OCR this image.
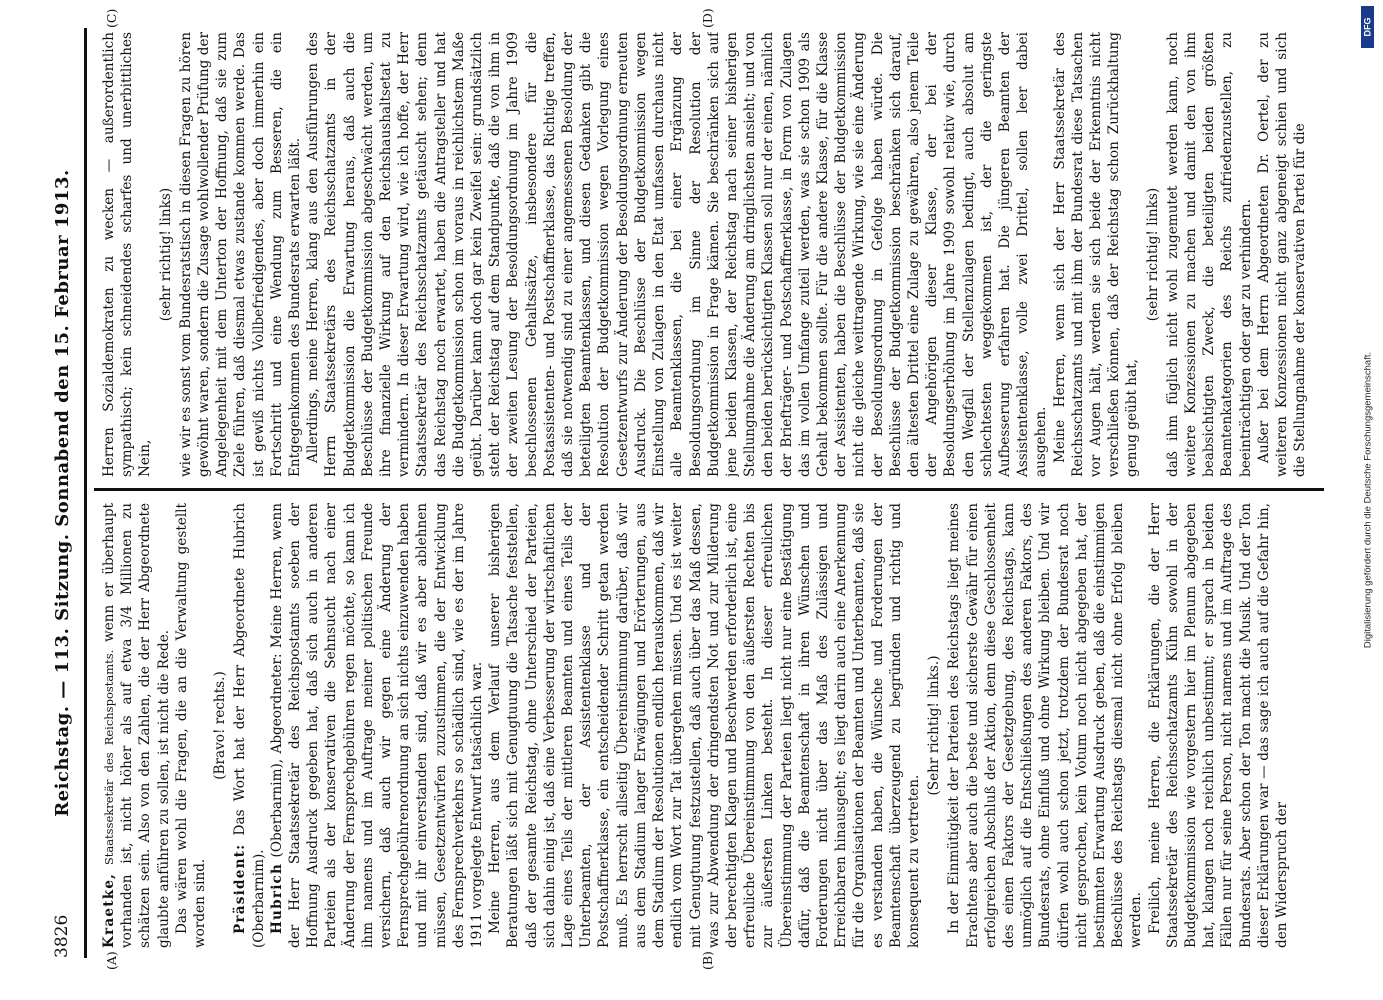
3826
Reichstag. — 113. Sitzung. Sonnabend den 15. Februar 1913.
(A)	(B)
(C)	(D)

Kraetke, Staatssekretär des Reichspostamts. wenn er überhaupt vorhanden ist, nicht höher als auf etwa 3/4 Millionen zu schätzen sein. Also von den Zahlen, die der Herr Abgeordnete glaubte anführen zu sollen, ist nicht die Rede. Das wären wohl die Fragen, die an die Verwaltung gestellt worden sind.

(Bravo! rechts.)

Präsident: Das Wort hat der Herr Abgeordnete Hubrich (Oberbarnim). Hubrich (Oberbarnim), Abgeordneter: Meine Herren, wenn der Herr Staatssekretär des Reichspostamts soeben der Hoffnung Ausdruck gegeben hat, daß sich auch in anderen Parteien als der konservativen die Sehnsucht nach einer Änderung der Fernsprechgebühren regen möchte, so kann ich ihm namens und im Auftrage meiner politischen Freunde versichern, daß auch wir gegen eine Änderung der Fernsprechgebührenordnung an sich nichts einzuwenden haben und mit ihr einverstanden sind, daß wir es aber ablehnen müssen, Gesetzentwürfen zuzustimmen, die der Entwicklung des Fernsprechverkehrs so schädlich sind, wie es der im Jahre 1911 vorgelegte Entwurf tatsächlich war. Meine Herren, aus dem Verlauf unserer bisherigen Beratungen läßt sich mit Genugtuung die Tatsache feststellen, daß der gesamte Reichstag, ohne Unterschied der Parteien, sich dahin einig ist, daß eine Verbesserung der wirtschaftlichen Lage eines Teils der mittleren Beamten und eines Teils der Unterbeamten, der Assistentenklasse und der Postschaffnerklasse, ein entscheidender Schritt getan werden muß. Es herrscht allseitig Übereinstimmung darüber, daß wir aus dem Stadium langer Erwägungen und Erörterungen, aus dem Stadium der Resolutionen endlich herauskommen, daß wir endlich vom Wort zur Tat übergehen müssen. Und es ist weiter mit Genugtuung festzustellen, daß auch über das Maß dessen, was zur Abwendung der dringendsten Not und zur Milderung der berechtigten Klagen und Beschwerden erforderlich ist, eine erfreuliche Übereinstimmung von den äußersten Rechten bis zur äußersten Linken besteht. In dieser erfreulichen Übereinstimmung der Parteien liegt nicht nur eine Bestätigung dafür, daß die Beamtenschaft in ihren Wünschen und Forderungen nicht über das Maß des Zulässigen und Erreichbaren hinausgeht; es liegt darin auch eine Anerkennung für die Organisationen der Beamten und Unterbeamten, daß sie es verstanden haben, die Wünsche und Forderungen der Beamtenschaft überzeugend zu begründen und richtig und konsequent zu vertreten.

(Sehr richtig! links.) In der Einmütigkeit der Parteien des Reichstags liegt meines Erachtens aber auch die beste und sicherste Gewähr für einen erfolgreichen Abschluß der Aktion, denn diese Geschlossenheit des einen Faktors der Gesetzgebung, des Reichstags, kann unmöglich auf die Entschließungen des anderen Faktors, des Bundesrats, ohne Einfluß und ohne Wirkung bleiben. Und wir dürfen wohl auch schon jetzt, trotzdem der Bundesrat noch nicht gesprochen, kein Votum noch nicht abgegeben hat, der bestimmten Erwartung Ausdruck geben, daß die einstimmigen Beschlüsse des Reichstags diesmal nicht ohne Erfolg bleiben werden. Freilich, meine Herren, die Erklärungen, die der Herr Staatssekretär des Reichsschatzamts Kühn sowohl in der Budgetkommission wie vorgestern hier im Plenum abgegeben hat, klangen noch reichlich unbestimmt; er sprach in beiden Fällen nur für seine Person, nicht namens und im Auftrage des Bundesrats. Aber schon der Ton macht die Musik. Und der Ton dieser Erklärungen war — das sage ich auch auf die Gefahr hin, den Widerspruch der

Herren Sozialdemokraten zu wecken — außerordentlich sympathisch; kein schneidendes scharfes und unerbittliches Nein,

(sehr richtig! links) wie wir es sonst vom Bundesratstisch in diesen Fragen zu hören gewöhnt waren, sondern die Zusage wohlwollender Prüfung der Angelegenheit mit dem Unterton der Hoffnung, daß sie zum Ziele führen, daß diesmal etwas zustande kommen werde. Das ist gewiß nichts Vollbefriedigendes, aber doch immerhin ein Fortschritt und eine Wendung zum Besseren, die ein Entgegenkommen des Bundesrats erwarten läßt. Allerdings, meine Herren, klang aus den Ausführungen des Herrn Staatssekretärs des Reichsschatzamts in der Budgetkommission die Erwartung heraus, daß auch die Beschlüsse der Budgetkommission abgeschwächt werden, um ihre finanzielle Wirkung auf den Reichshaushaltsetat zu vermindern. In dieser Erwartung wird, wie ich hoffe, der Herr Staatssekretär des Reichsschatzamts getäuscht sehen; denn das Reichstag noch erwartet, haben die Antragsteller und hat die Budgetkommission schon im voraus in reichlichstem Maße geübt. Darüber kann doch gar kein Zweifel sein: grundsätzlich steht der Reichstag auf dem Standpunkte, daß die von ihm in der zweiten Lesung der Besoldungsordnung im Jahre 1909 beschlossenen Gehaltssätze, insbesondere für die Postassistenten- und Postschaffnerklasse, das Richtige treffen, daß sie notwendig sind zu einer angemessenen Besoldung der beteiligten Beamtenklassen, und diesen Gedanken gibt die Resolution der Budgetkommission wegen Vorlegung eines Gesetzentwurfs zur Änderung der Besoldungsordnung erneuten Ausdruck. Die Beschlüsse der Budgetkommission wegen Einstellung von Zulagen in den Etat umfassen durchaus nicht alle Beamtenklassen, die bei einer Ergänzung der Besoldungsordnung im Sinne der Resolution der Budgetkommission in Frage kämen. Sie beschränken sich auf jene beiden Klassen, der Reichstag nach seiner bisherigen Stellungnahme die Änderung am dringlichsten ansieht; und von den beiden berücksichtigten Klassen soll nur der einen, nämlich der Briefträger- und Postschaffnerklasse, in Form von Zulagen das im vollen Umfange zuteil werden, was sie schon 1909 als Gehalt bekommen sollte. Für die andere Klasse, für die Klasse der Assistenten, haben die Beschlüsse der Budgetkommission nicht die gleiche weittragende Wirkung, wie sie eine Änderung der Besoldungsordnung in Gefolge haben würde. Die Beschlüsse der Budgetkommission beschränken sich darauf, den ältesten Drittel eine Zulage zu gewähren, also jenem Teile der Angehörigen dieser Klasse, der bei der Besoldungserhöhung im Jahre 1909 sowohl relativ wie, durch den Wegfall der Stellenzulagen bedingt, auch absolut am schlechtesten weggekommen ist, der die geringste Aufbesserung erfahren hat. Die jüngeren Beamten der Assistentenklasse, volle zwei Drittel, sollen leer dabei ausgehen. Meine Herren, wenn sich der Herr Staatssekretär des Reichsschatzamts und mit ihm der Bundesrat diese Tatsachen vor Augen hält, werden sie sich beide der Erkenntnis nicht verschließen können, daß der Reichstag schon Zurückhaltung genug geübt hat,

(sehr richtig! links) daß ihm füglich nicht wohl zugemutet werden kann, noch weitere Konzessionen zu machen und damit den von ihm beabsichtigten Zweck, die beteiligten beiden größten Beamtenkategorien des Reichs zufriedenzustellen, zu beeinträchtigen oder gar zu verhindern. Außer bei dem Herrn Abgeordneten Dr. Oertel, der zu weiteren Konzessionen nicht ganz abgeneigt schien und sich die Stellungnahme der konservativen Partei für die

DFG
Digitalisierung gefördert durch die Deutsche Forschungsgemeinschaft.
